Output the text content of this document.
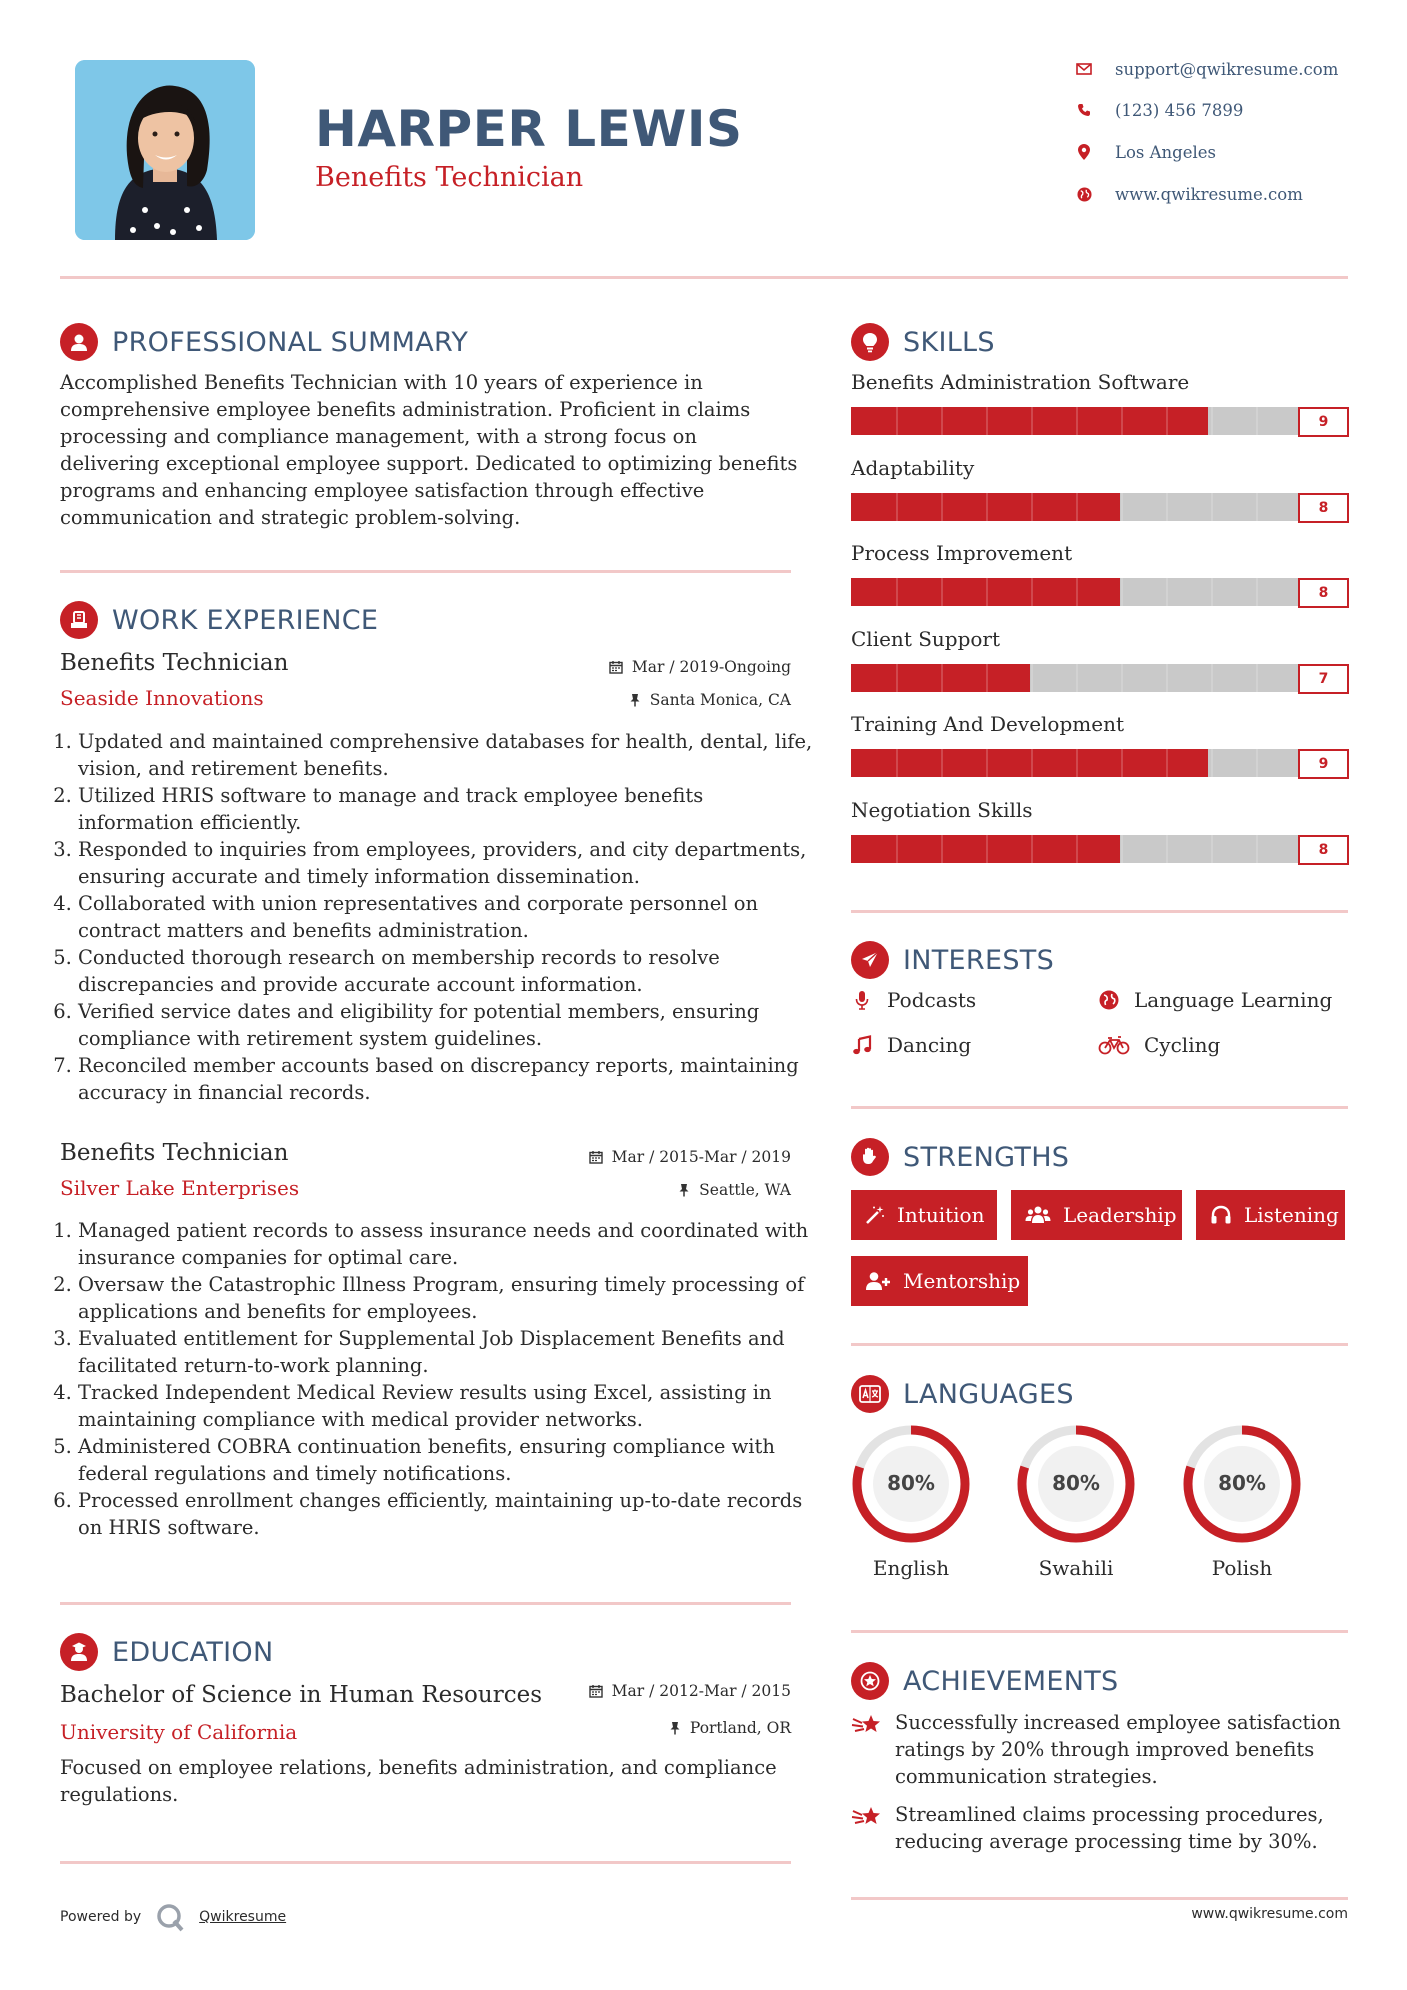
HARPER LEWIS
Benefits Technician
support@qwikresume.com
(123) 456 7899
Los Angeles
www.qwikresume.com
PROFESSIONAL SUMMARY
Accomplished Benefits Technician with 10 years of experience in comprehensive employee benefits administration. Proficient in claims processing and compliance management, with a strong focus on delivering exceptional employee support. Dedicated to optimizing benefits programs and enhancing employee satisfaction through effective communication and strategic problem-solving.
WORK EXPERIENCE
Benefits Technician	Mar / 2019-Ongoing
Seaside Innovations	Santa Monica, CA
1. Updated and maintained comprehensive databases for health, dental, life, vision, and retirement benefits.
2. Utilized HRIS software to manage and track employee benefits information efficiently.
3. Responded to inquiries from employees, providers, and city departments, ensuring accurate and timely information dissemination.
4. Collaborated with union representatives and corporate personnel on contract matters and benefits administration.
5. Conducted thorough research on membership records to resolve discrepancies and provide accurate account information.
6. Verified service dates and eligibility for potential members, ensuring compliance with retirement system guidelines.
7. Reconciled member accounts based on discrepancy reports, maintaining accuracy in financial records.
Benefits Technician	Mar / 2015-Mar / 2019
Silver Lake Enterprises	Seattle, WA
1. Managed patient records to assess insurance needs and coordinated with insurance companies for optimal care.
2. Oversaw the Catastrophic Illness Program, ensuring timely processing of applications and benefits for employees.
3. Evaluated entitlement for Supplemental Job Displacement Benefits and facilitated return-to-work planning.
4. Tracked Independent Medical Review results using Excel, assisting in maintaining compliance with medical provider networks.
5. Administered COBRA continuation benefits, ensuring compliance with federal regulations and timely notifications.
6. Processed enrollment changes efficiently, maintaining up-to-date records on HRIS software.
EDUCATION
Bachelor of Science in Human Resources	Mar / 2012-Mar / 2015
University of California	Portland, OR
Focused on employee relations, benefits administration, and compliance regulations.
Powered by	Qwikresume	www.qwikresume.com
SKILLS
Benefits Administration Software
9
Adaptability
8
Process Improvement
8
Client Support
7
Training And Development
9
Negotiation Skills
8
INTERESTS
Podcasts	Language Learning
Dancing	Cycling
STRENGTHS
Intuition	Leadership	Listening
Mentorship
LANGUAGES
80%
English
80%
Swahili
80%
Polish
ACHIEVEMENTS
Successfully increased employee satisfaction ratings by 20% through improved benefits communication strategies.
Streamlined claims processing procedures, reducing average processing time by 30%.
